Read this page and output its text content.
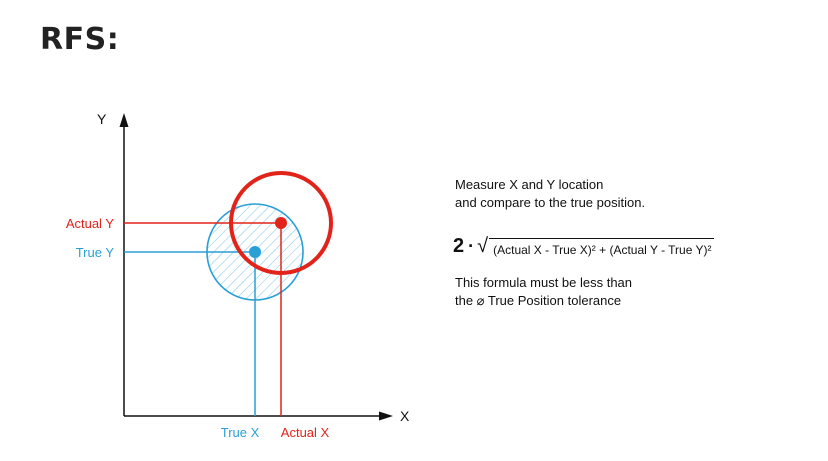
RFS:
Y
X
Actual Y
True Y
True X Actual X
Measure X and Y location
and compare to the true position.
2 · √ (Actual X - True X)² + (Actual Y - True Y)²
This formula must be less than
the ⌀ True Position tolerance
